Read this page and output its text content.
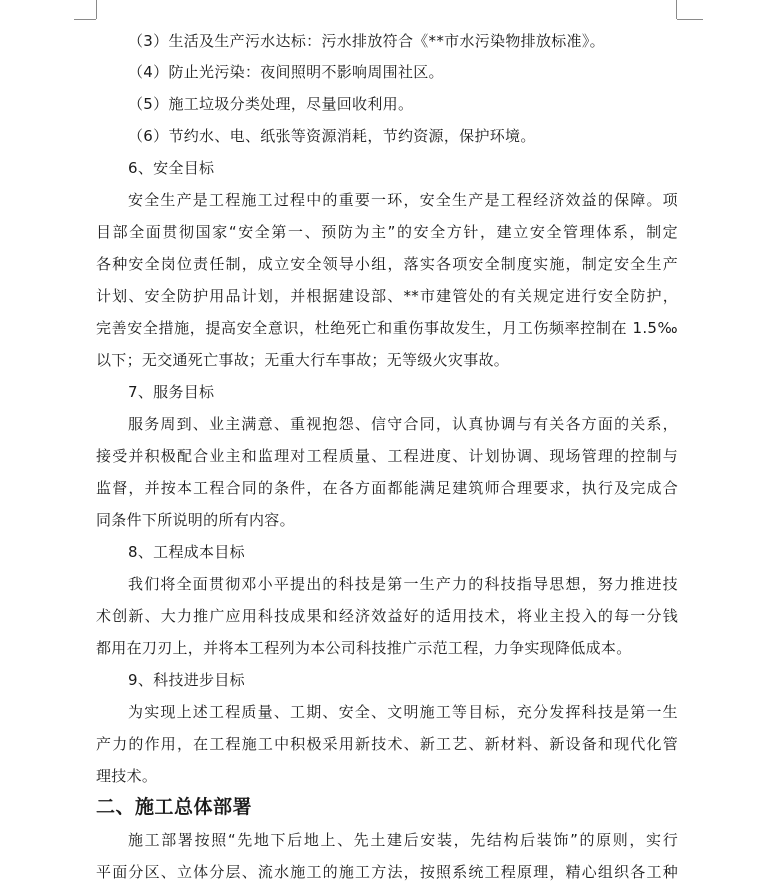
（3）生活及生产污水达标：污水排放符合《**市水污染物排放标准》。
（4）防止光污染：夜间照明不影响周围社区。
（5）施工垃圾分类处理，尽量回收利用。
（6）节约水、电、纸张等资源消耗，节约资源，保护环境。
6、安全目标
安全生产是工程施工过程中的重要一环，安全生产是工程经济效益的保障。项
目部全面贯彻国家“安全第一、预防为主”的安全方针，建立安全管理体系，制定
各种安全岗位责任制，成立安全领导小组，落实各项安全制度实施，制定安全生产
计划、安全防护用品计划，并根据建设部、**市建管处的有关规定进行安全防护，
完善安全措施，提高安全意识，杜绝死亡和重伤事故发生，月工伤频率控制在 1.5‰
以下；无交通死亡事故；无重大行车事故；无等级火灾事故。
7、服务目标
服务周到、业主满意、重视抱怨、信守合同，认真协调与有关各方面的关系，
接受并积极配合业主和监理对工程质量、工程进度、计划协调、现场管理的控制与
监督，并按本工程合同的条件，在各方面都能满足建筑师合理要求，执行及完成合
同条件下所说明的所有内容。
8、工程成本目标
我们将全面贯彻邓小平提出的科技是第一生产力的科技指导思想，努力推进技
术创新、大力推广应用科技成果和经济效益好的适用技术，将业主投入的每一分钱
都用在刀刃上，并将本工程列为本公司科技推广示范工程，力争实现降低成本。
9、科技进步目标
为实现上述工程质量、工期、安全、文明施工等目标，充分发挥科技是第一生
产力的作用，在工程施工中积极采用新技术、新工艺、新材料、新设备和现代化管
理技术。
二、施工总体部署
施工部署按照“先地下后地上、先土建后安装，先结构后装饰”的原则，实行
平面分区、立体分层、流水施工的施工方法，按照系统工程原理，精心组织各工种
